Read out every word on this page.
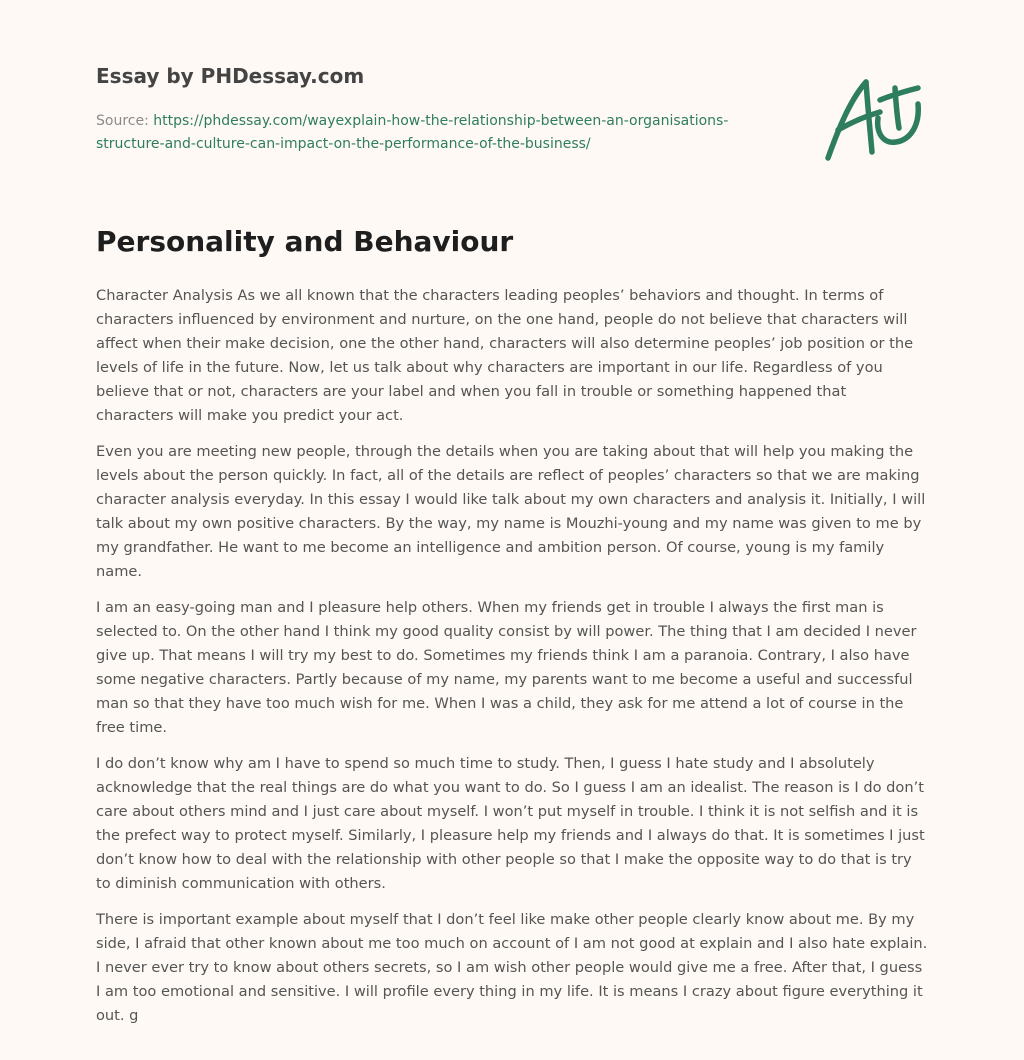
Essay by PHDessay.com
Source: https://phdessay.com/wayexplain-how-the-relationship-between-an-organisations-structure-and-culture-can-impact-on-the-performance-of-the-business/
Personality and Behaviour

Character Analysis As we all known that the characters leading peoples’ behaviors and thought. In terms of characters influenced by environment and nurture, on the one hand, people do not believe that characters will affect when their make decision, one the other hand, characters will also determine peoples’ job position or the levels of life in the future. Now, let us talk about why characters are important in our life. Regardless of you believe that or not, characters are your label and when you fall in trouble or something happened that characters will make you predict your act.

Even you are meeting new people, through the details when you are taking about that will help you making the levels about the person quickly. In fact, all of the details are reflect of peoples’ characters so that we are making character analysis everyday. In this essay I would like talk about my own characters and analysis it. Initially, I will talk about my own positive characters. By the way, my name is Mouzhi-young and my name was given to me by my grandfather. He want to me become an intelligence and ambition person. Of course, young is my family name.

I am an easy-going man and I pleasure help others. When my friends get in trouble I always the first man is selected to. On the other hand I think my good quality consist by will power. The thing that I am decided I never give up. That means I will try my best to do. Sometimes my friends think I am a paranoia. Contrary, I also have some negative characters. Partly because of my name, my parents want to me become a useful and successful man so that they have too much wish for me. When I was a child, they ask for me attend a lot of course in the free time.

I do don’t know why am I have to spend so much time to study. Then, I guess I hate study and I absolutely acknowledge that the real things are do what you want to do. So I guess I am an idealist. The reason is I do don’t care about others mind and I just care about myself. I won’t put myself in trouble. I think it is not selfish and it is the prefect way to protect myself. Similarly, I pleasure help my friends and I always do that. It is sometimes I just don’t know how to deal with the relationship with other people so that I make the opposite way to do that is try to diminish communication with others.

There is important example about myself that I don’t feel like make other people clearly know about me. By my side, I afraid that other known about me too much on account of I am not good at explain and I also hate explain. I never ever try to know about others secrets, so I am wish other people would give me a free. After that, I guess I am too emotional and sensitive. I will profile every thing in my life. It is means I crazy about figure everything it out. g
